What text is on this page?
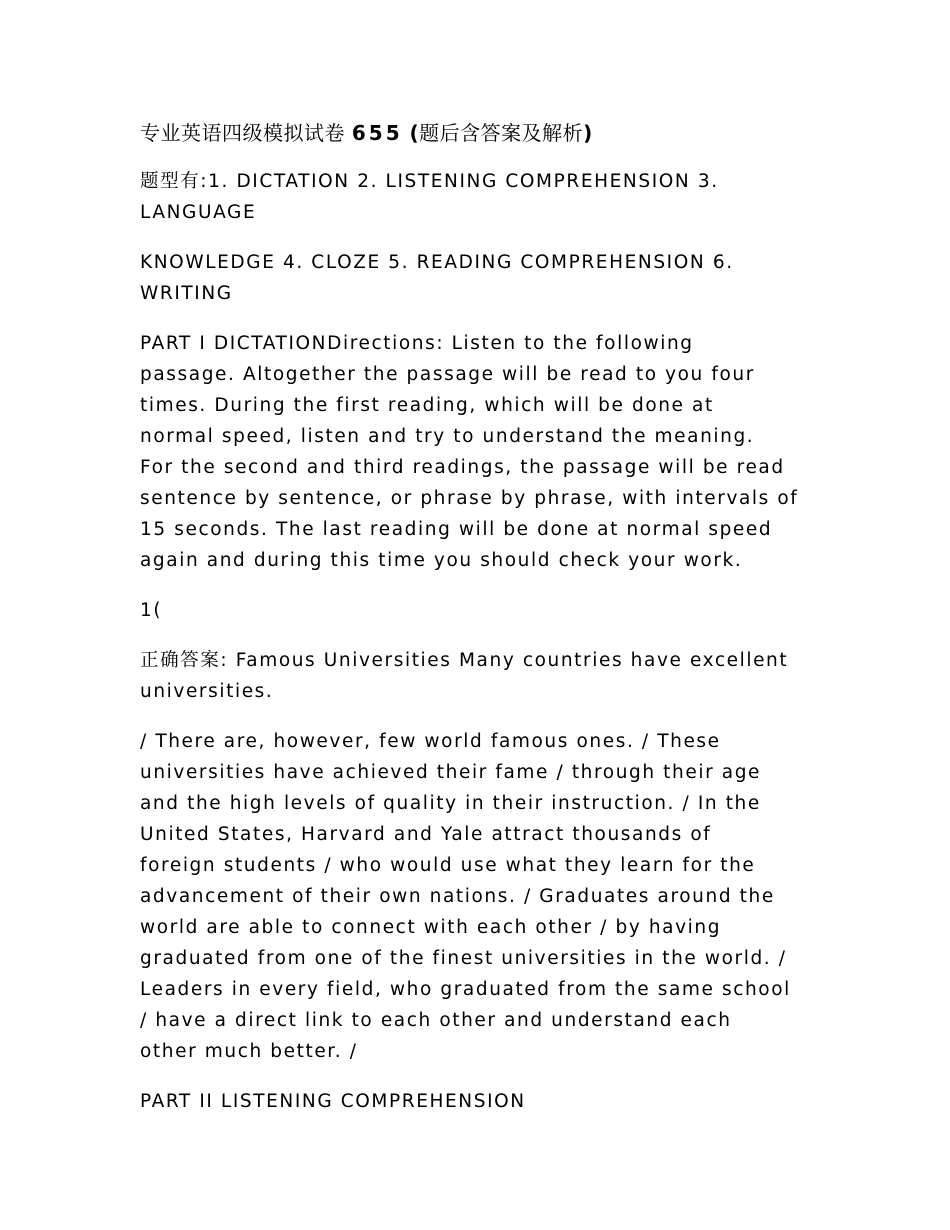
专业英语四级模拟试卷 655 (题后含答案及解析)
题型有:1. DICTATION 2. LISTENING COMPREHENSION 3.
LANGUAGE
KNOWLEDGE 4. CLOZE 5. READING COMPREHENSION 6.
WRITING
PART I DICTATIONDirections: Listen to the following
passage. Altogether the passage will be read to you four
times. During the first reading, which will be done at
normal speed, listen and try to understand the meaning.
For the second and third readings, the passage will be read
sentence by sentence, or phrase by phrase, with intervals of
15 seconds. The last reading will be done at normal speed
again and during this time you should check your work.
1(
正确答案: Famous Universities Many countries have excellent
universities.
/ There are, however, few world famous ones. / These
universities have achieved their fame / through their age
and the high levels of quality in their instruction. / In the
United States, Harvard and Yale attract thousands of
foreign students / who would use what they learn for the
advancement of their own nations. / Graduates around the
world are able to connect with each other / by having
graduated from one of the finest universities in the world. /
Leaders in every field, who graduated from the same school
/ have a direct link to each other and understand each
other much better. /
PART II LISTENING COMPREHENSION
